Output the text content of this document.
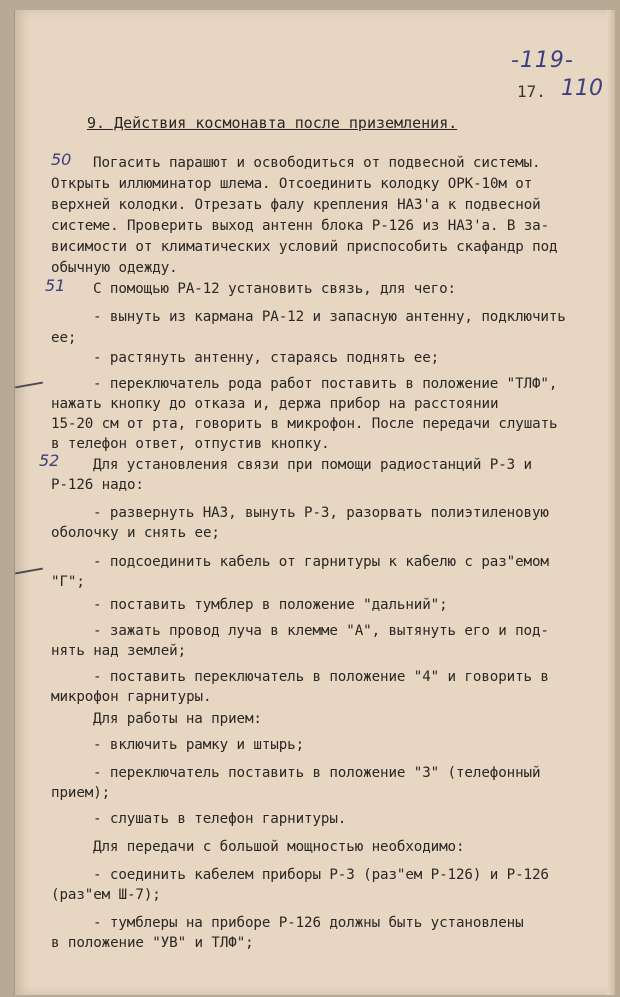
-119-
17. 110
9. Действия космонавта после приземления.
50
51
52
Погасить парашют и освободиться от подвесной системы.
Открыть иллюминатор шлема. Отсоединить колодку ОРК-10м от
верхней колодки. Отрезать фалу крепления НАЗ'а к подвесной
системе. Проверить выход антенн блока Р-126 из НАЗ'а. В за-
висимости от климатических условий приспособить скафандр под
обычную одежду.
С помощью РА-12 установить связь, для чего:
- вынуть из кармана РА-12 и запасную антенну, подключить
ее;
- растянуть антенну, стараясь поднять ее;
- переключатель рода работ поставить в положение "ТЛФ",
нажать кнопку до отказа и, держа прибор на расстоянии
15-20 см от рта, говорить в микрофон. После передачи слушать
в телефон ответ, отпустив кнопку.
Для установления связи при помощи радиостанций Р-3 и
Р-126 надо:
- развернуть НАЗ, вынуть Р-3, разорвать полиэтиленовую
оболочку и снять ее;
- подсоединить кабель от гарнитуры к кабелю с раз"емом
"Г";
- поставить тумблер в положение "дальний";
- зажать провод луча в клемме "А", вытянуть его и под-
нять над землей;
- поставить переключатель в положение "4" и говорить в
микрофон гарнитуры.
Для работы на прием:
- включить рамку и штырь;
- переключатель поставить в положение "3" (телефонный
прием);
- слушать в телефон гарнитуры.
Для передачи с большой мощностью необходимо:
- соединить кабелем приборы Р-3 (раз"ем Р-126) и Р-126
(раз"ем Ш-7);
- тумблеры на приборе Р-126 должны быть установлены
в положение "УВ" и ТЛФ";
